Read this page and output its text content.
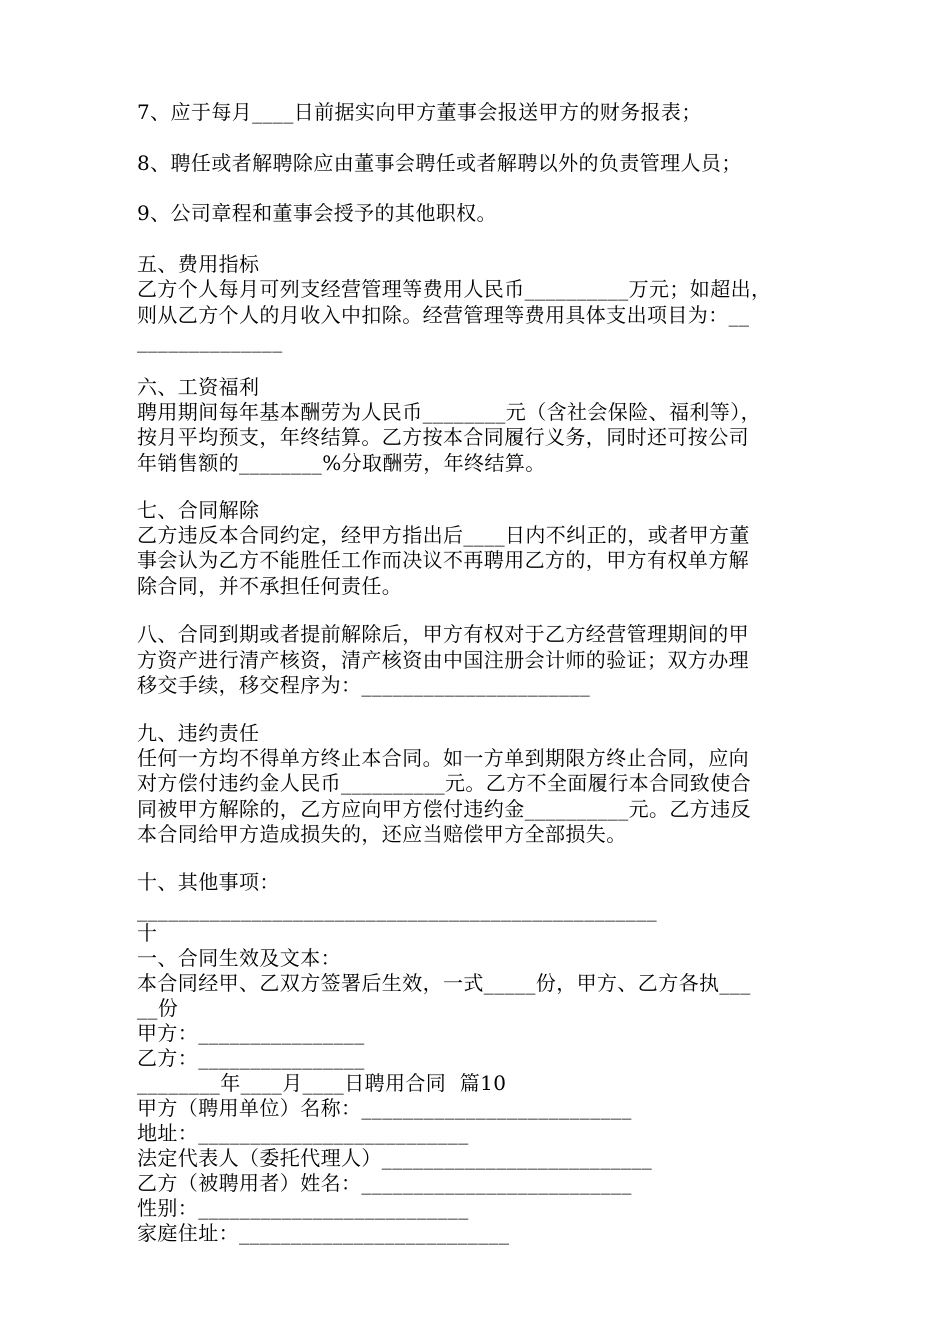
7、应于每月____日前据实向甲方董事会报送甲方的财务报表；
8、聘任或者解聘除应由董事会聘任或者解聘以外的负责管理人员；
9、公司章程和董事会授予的其他职权。
五、费用指标
乙方个人每月可列支经营管理等费用人民币__________万元；如超出，
则从乙方个人的月收入中扣除。经营管理等费用具体支出项目为：__
______________
六、工资福利
聘用期间每年基本酬劳为人民币________元（含社会保险、福利等），
按月平均预支，年终结算。乙方按本合同履行义务，同时还可按公司
年销售额的________%分取酬劳，年终结算。
七、合同解除
乙方违反本合同约定，经甲方指出后____日内不纠正的，或者甲方董
事会认为乙方不能胜任工作而决议不再聘用乙方的，甲方有权单方解
除合同，并不承担任何责任。
八、合同到期或者提前解除后，甲方有权对于乙方经营管理期间的甲
方资产进行清产核资，清产核资由中国注册会计师的验证；双方办理
移交手续，移交程序为：______________________
九、违约责任
任何一方均不得单方终止本合同。如一方单到期限方终止合同，应向
对方偿付违约金人民币__________元。乙方不全面履行本合同致使合
同被甲方解除的，乙方应向甲方偿付违约金__________元。乙方违反
本合同给甲方造成损失的，还应当赔偿甲方全部损失。
十、其他事项：
__________________________________________________
十
一、合同生效及文本：
本合同经甲、乙双方签署后生效，一式_____份，甲方、乙方各执___
__份
甲方：________________
乙方：________________
________年____月____日聘用合同  篇10
甲方（聘用单位）名称：__________________________
地址：__________________________
法定代表人（委托代理人）__________________________
乙方（被聘用者）姓名：__________________________
性别：__________________________
家庭住址：__________________________
